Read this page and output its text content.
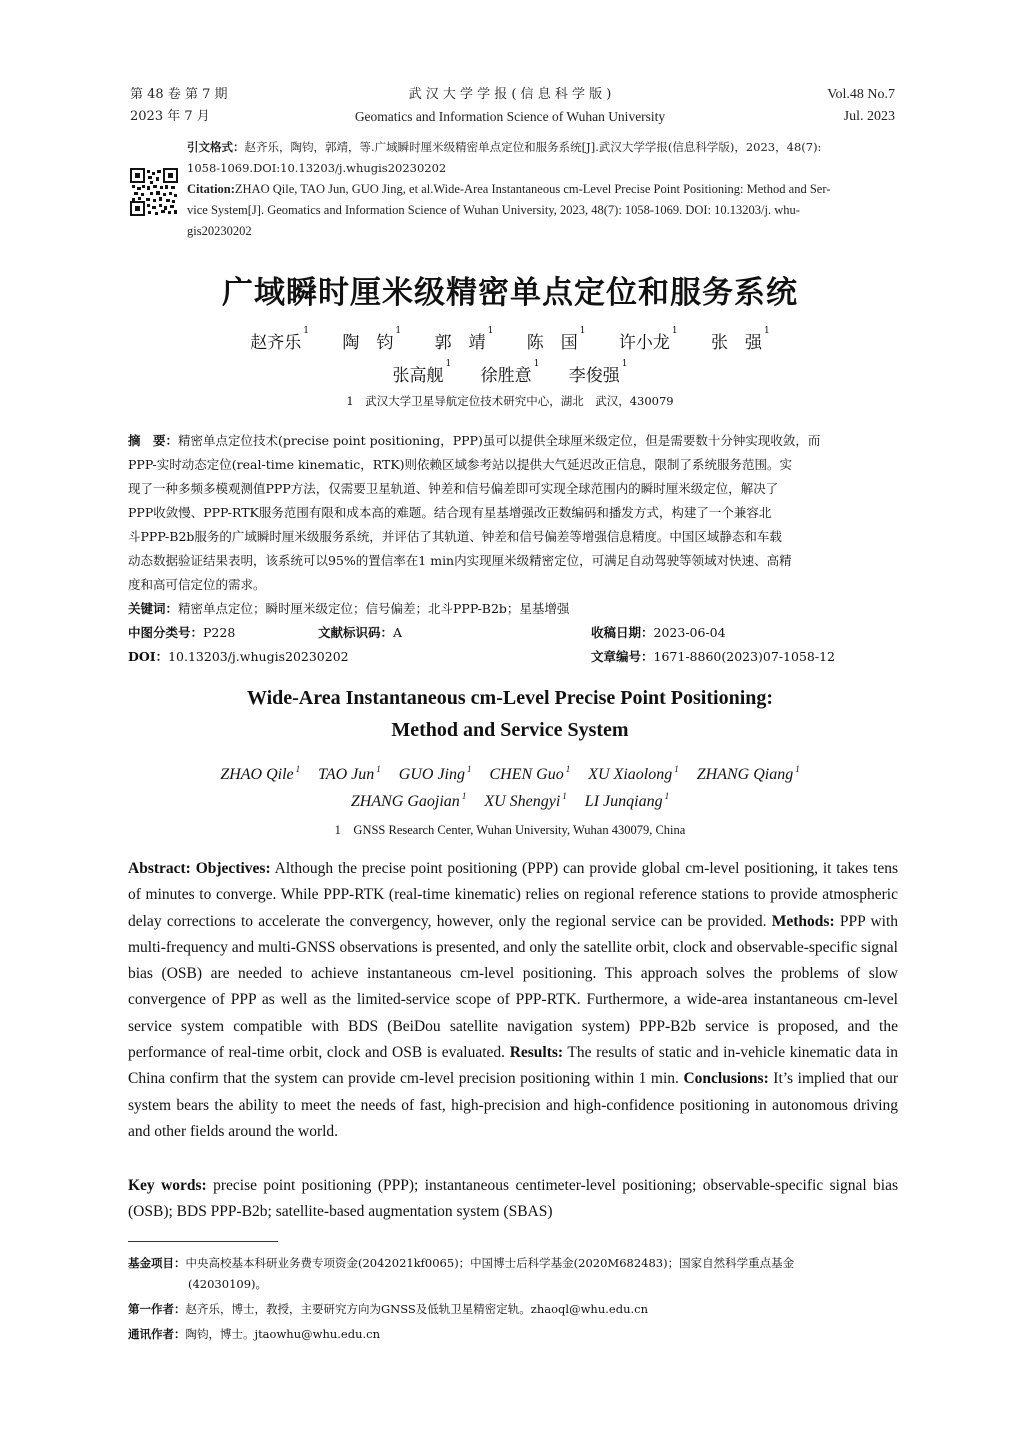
第 48 卷 第 7 期
2023 年 7 月
武 汉 大 学 学 报 ( 信 息 科 学 版 )
Geomatics and Information Science of Wuhan University
Vol.48 No.7
Jul. 2023
引文格式：赵齐乐，陶钧，郭靖，等.广域瞬时厘米级精密单点定位和服务系统[J].武汉大学学报(信息科学版)，2023，48(7):
1058-1069.DOI:10.13203/j.whugis20230202
Citation:ZHAO Qile, TAO Jun, GUO Jing, et al.Wide-Area Instantaneous cm-Level Precise Point Positioning: Method and Ser-
vice System[J]. Geomatics and Information Science of Wuhan University, 2023, 48(7): 1058-1069. DOI: 10.13203/j. whu-
gis20230202
广域瞬时厘米级精密单点定位和服务系统
赵齐乐$^1$ 陶　钧$^1$ 郭　靖$^1$ 陈　国$^1$ 许小龙$^1$ 张　强$^1$
张高舰$^1$ 徐胜意$^1$ 李俊强$^1$
1　武汉大学卫星导航定位技术研究中心，湖北　武汉，430079
摘　要：精密单点定位技术(precise point positioning，PPP)虽可以提供全球厘米级定位，但是需要数十分钟实现收敛，而
PPP-实时动态定位(real-time kinematic，RTK)则依赖区域参考站以提供大气延迟改正信息，限制了系统服务范围。实
现了一种多频多模观测值PPP方法，仅需要卫星轨道、钟差和信号偏差即可实现全球范围内的瞬时厘米级定位，解决了
PPP收敛慢、PPP-RTK服务范围有限和成本高的难题。结合现有星基增强改正数编码和播发方式，构建了一个兼容北
斗PPP-B2b服务的广域瞬时厘米级服务系统，并评估了其轨道、钟差和信号偏差等增强信息精度。中国区域静态和车载
动态数据验证结果表明，该系统可以95%的置信率在1 min内实现厘米级精密定位，可满足自动驾驶等领域对快速、高精
度和高可信定位的需求。
关键词：精密单点定位；瞬时厘米级定位；信号偏差；北斗PPP-B2b；星基增强
中图分类号：P228	文献标识码：A	收稿日期：2023-06-04
DOI：10.13203/j.whugis20230202	文章编号：1671-8860(2023)07-1058-12
Wide-Area Instantaneous cm-Level Precise Point Positioning:
Method and Service System
ZHAO Qile $^1$ TAO Jun $^1$ GUO Jing $^1$ CHEN Guo $^1$ XU Xiaolong $^1$ ZHANG Qiang $^1$
ZHANG Gaojian $^1$ XU Shengyi $^1$ LI Junqiang $^1$
1　GNSS Research Center, Wuhan University, Wuhan 430079, China
Abstract: Objectives: Although the precise point positioning (PPP) can provide global cm-level positioning, it takes tens of minutes to converge. While PPP-RTK (real-time kinematic) relies on regional reference stations to provide atmospheric delay corrections to accelerate the convergency, however, only the regional service can be provided. Methods: PPP with multi-frequency and multi-GNSS observations is presented, and only the satellite orbit, clock and observable-specific signal bias (OSB) are needed to achieve instantaneous cm-level positioning. This approach solves the problems of slow convergence of PPP as well as the limited-service scope of PPP-RTK. Furthermore, a wide-area instantaneous cm-level service system compatible with BDS (BeiDou satellite navigation system) PPP-B2b service is proposed, and the performance of real-time orbit, clock and OSB is evaluated. Results: The results of static and in-vehicle kinematic data in China confirm that the system can provide cm-level precision positioning within 1 min. Conclusions: It’s implied that our system bears the ability to meet the needs of fast, high-precision and high-confidence positioning in autonomous driving and other fields around the world.
Key words: precise point positioning (PPP); instantaneous centimeter-level positioning; observable-specific signal bias (OSB); BDS PPP-B2b; satellite-based augmentation system (SBAS)
基金项目：中央高校基本科研业务费专项资金(2042021kf0065)；中国博士后科学基金(2020M682483)；国家自然科学重点基金
(42030109)。
第一作者：赵齐乐，博士，教授，主要研究方向为GNSS及低轨卫星精密定轨。zhaoql@whu.edu.cn
通讯作者：陶钧，博士。jtaowhu@whu.edu.cn
